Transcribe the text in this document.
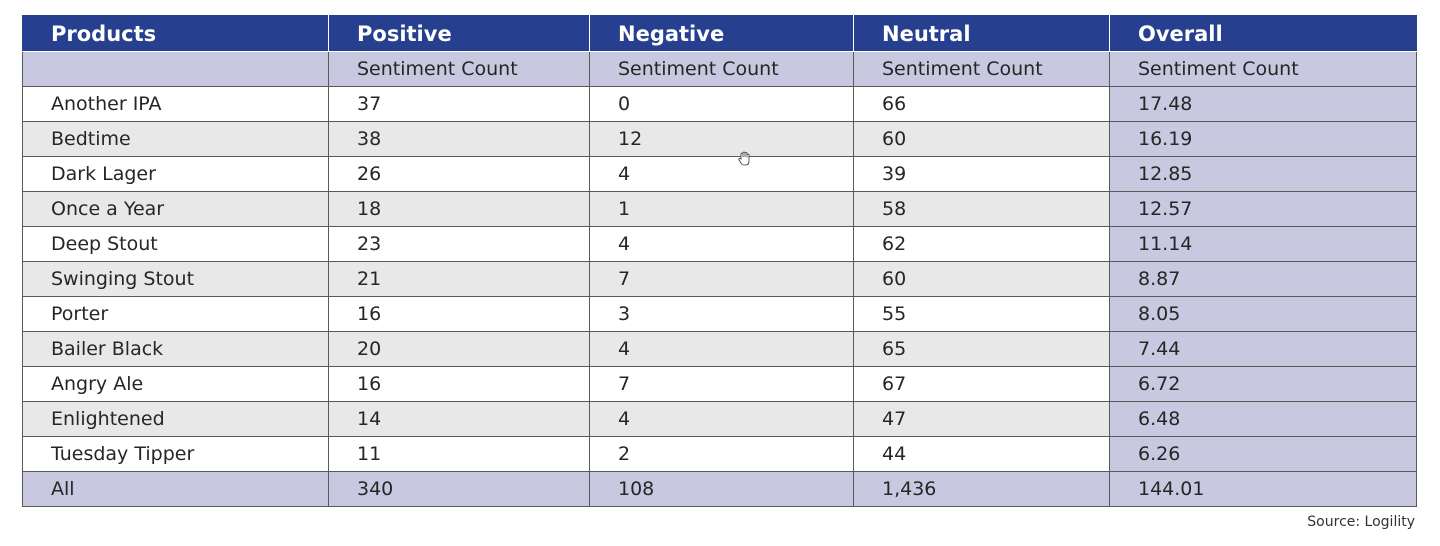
Products	Positive	Negative	Neutral	Overall
	Sentiment Count	Sentiment Count	Sentiment Count	Sentiment Count
Another IPA	37	0	66	17.48
Bedtime	38	12	60	16.19
Dark Lager	26	4	39	12.85
Once a Year	18	1	58	12.57
Deep Stout	23	4	62	11.14
Swinging Stout	21	7	60	8.87
Porter	16	3	55	8.05
Bailer Black	20	4	65	7.44
Angry Ale	16	7	67	6.72
Enlightened	14	4	47	6.48
Tuesday Tipper	11	2	44	6.26
All	340	108	1,436	144.01
Source: Logility
